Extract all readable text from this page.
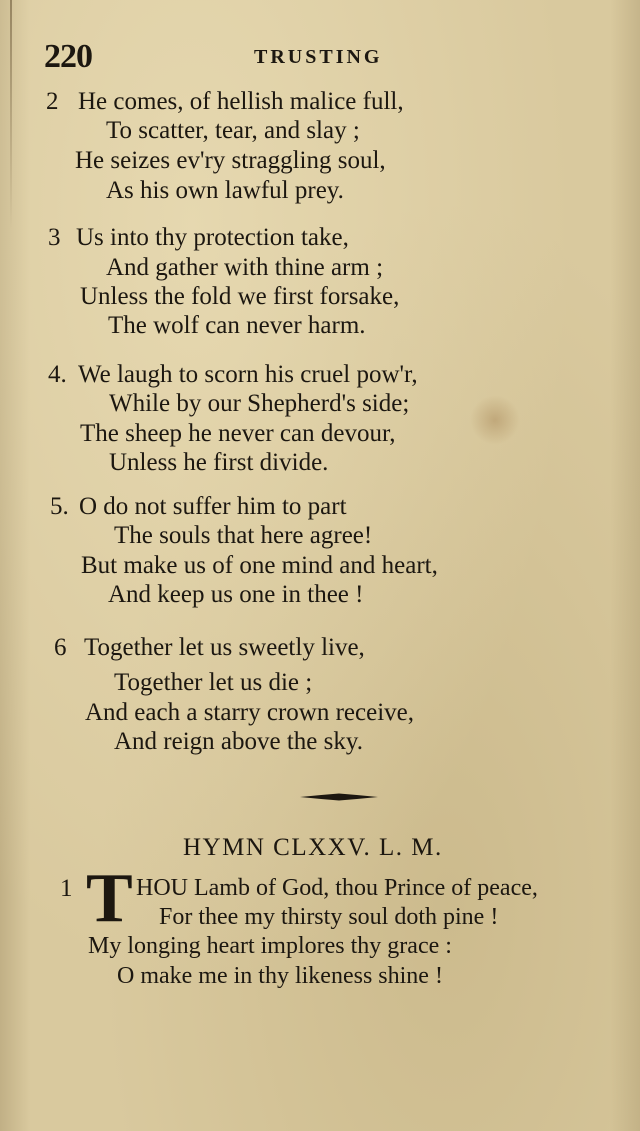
220	TRUSTING
2 He comes, of hellish malice full,
To scatter, tear, and slay ;
He seizes ev'ry straggling soul,
As his own lawful prey.
3 Us into thy protection take,
And gather with thine arm ;
Unless the fold we first forsake,
The wolf can never harm.
4. We laugh to scorn his cruel pow'r,
While by our Shepherd's side;
The sheep he never can devour,
Unless he first divide.
5. O do not suffer him to part
The souls that here agree!
But make us of one mind and heart,
And keep us one in thee !
6 Together let us sweetly live,
Together let us die ;
And each a starry crown receive,
And reign above the sky.
HYMN CLXXV. L. M.
1 T HOU Lamb of God, thou Prince of peace,
For thee my thirsty soul doth pine !
My longing heart implores thy grace :
O make me in thy likeness shine !
